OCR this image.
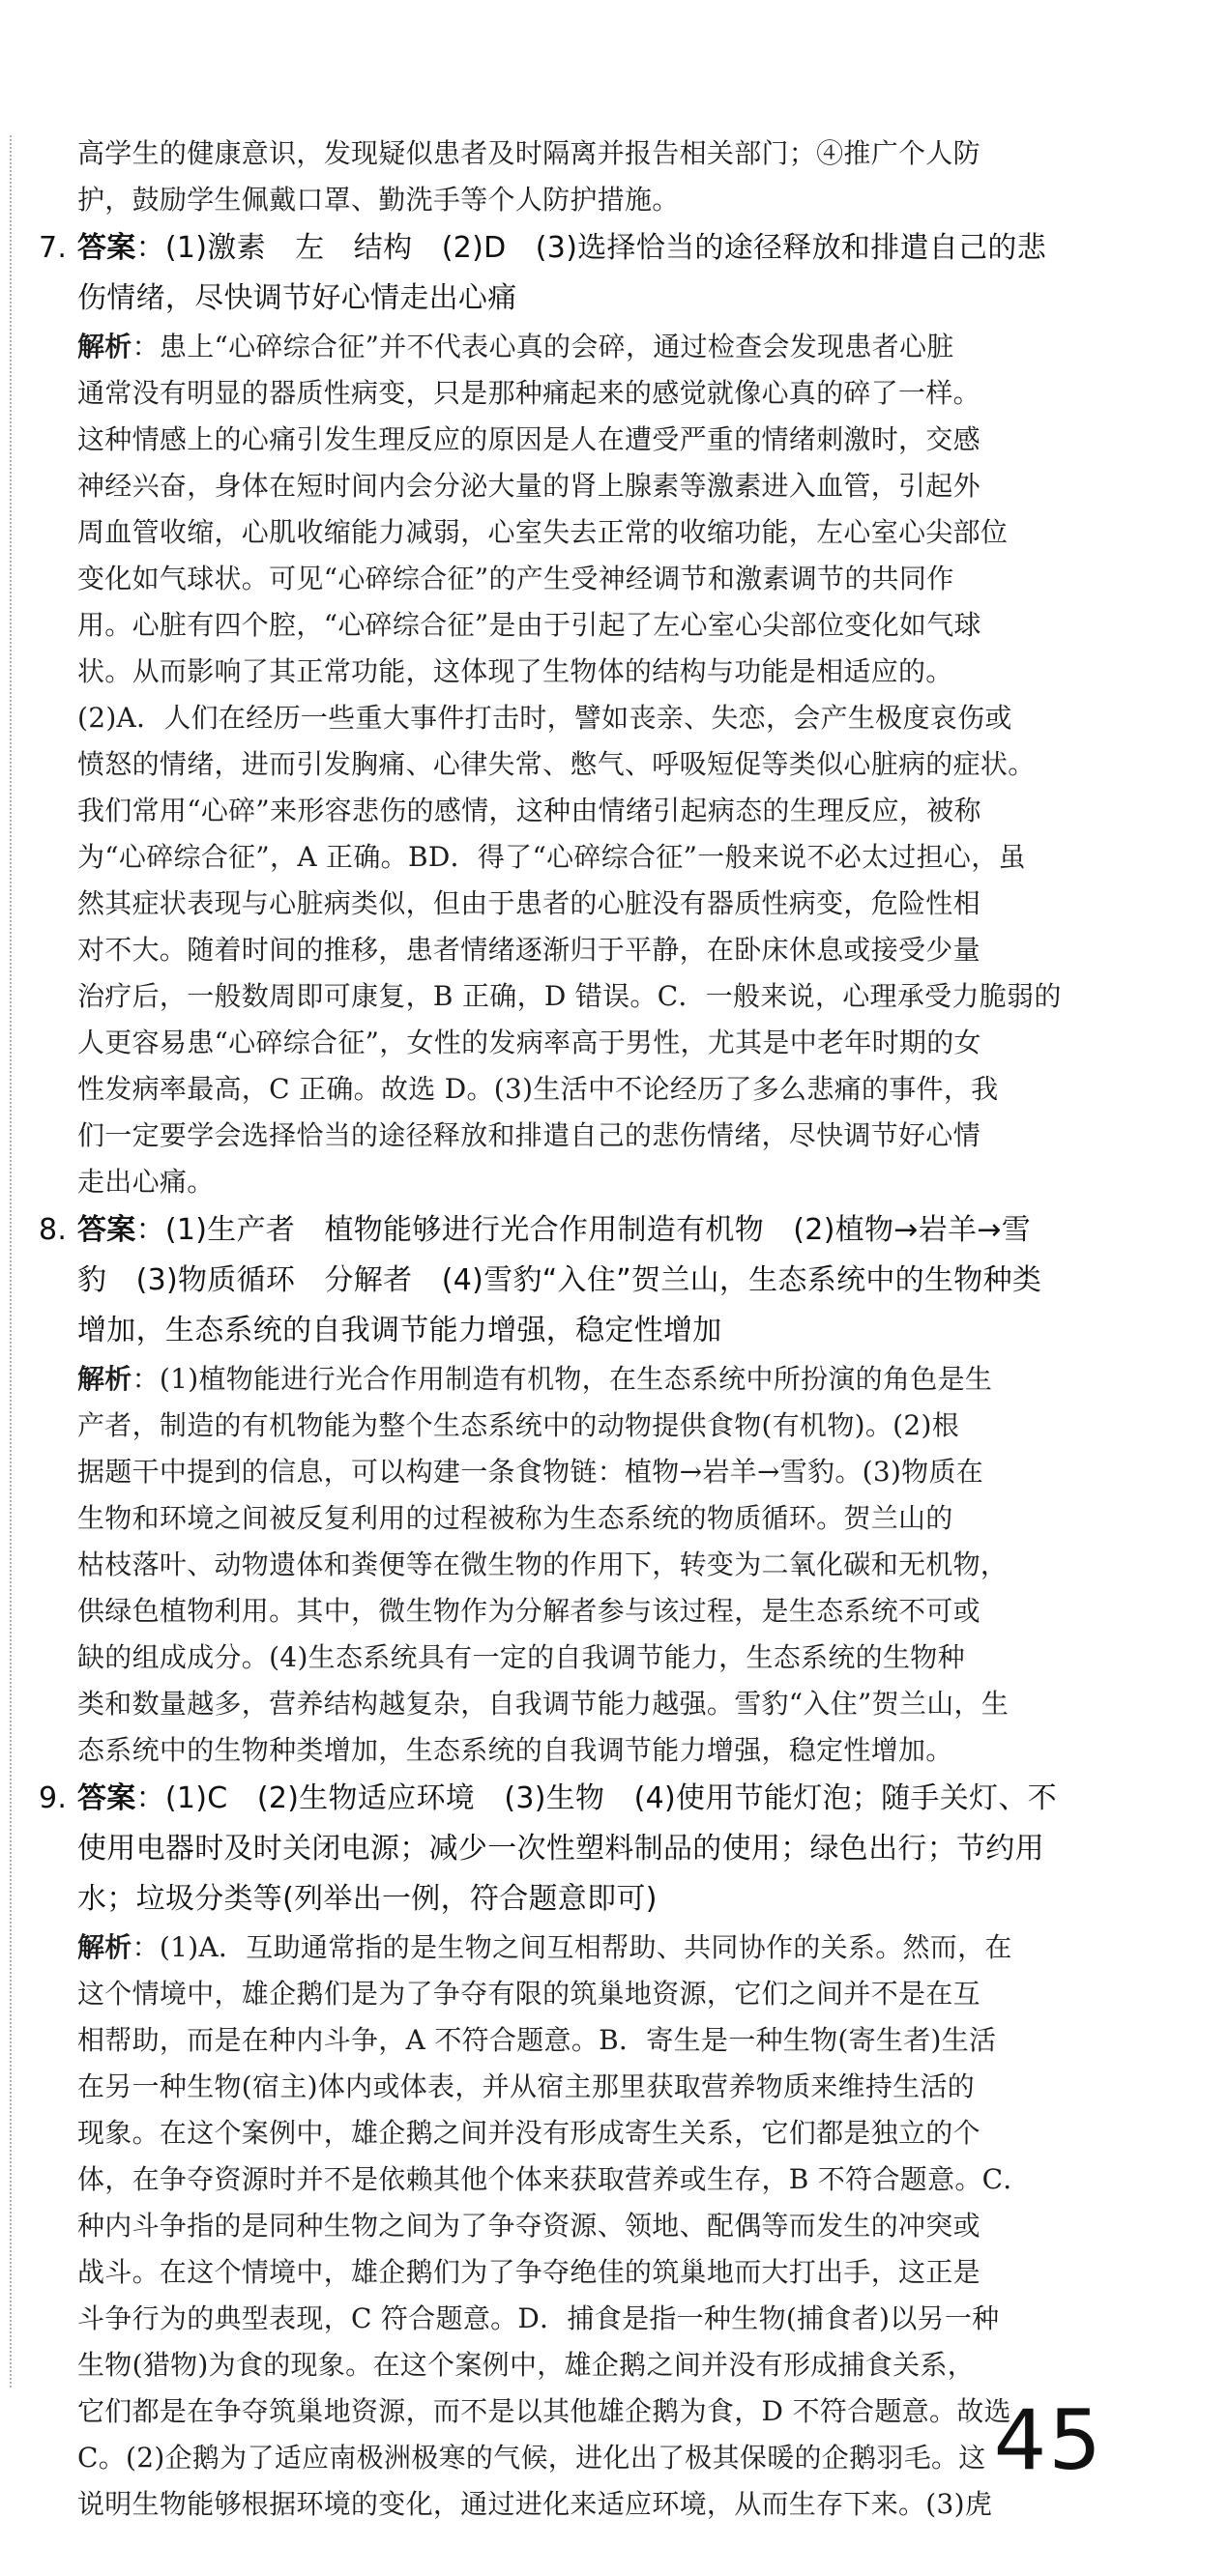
高学生的健康意识，发现疑似患者及时隔离并报告相关部门；④推广个人防
护，鼓励学生佩戴口罩、勤洗手等个人防护措施。
7. 答案：(1)激素　左　结构　(2)D　(3)选择恰当的途径释放和排遣自己的悲
伤情绪，尽快调节好心情走出心痛
解析：患上“心碎综合征”并不代表心真的会碎，通过检查会发现患者心脏
通常没有明显的器质性病变，只是那种痛起来的感觉就像心真的碎了一样。
这种情感上的心痛引发生理反应的原因是人在遭受严重的情绪刺激时，交感
神经兴奋，身体在短时间内会分泌大量的肾上腺素等激素进入血管，引起外
周血管收缩，心肌收缩能力减弱，心室失去正常的收缩功能，左心室心尖部位
变化如气球状。可见“心碎综合征”的产生受神经调节和激素调节的共同作
用。心脏有四个腔，“心碎综合征”是由于引起了左心室心尖部位变化如气球
状。从而影响了其正常功能，这体现了生物体的结构与功能是相适应的。
(2)A．人们在经历一些重大事件打击时，譬如丧亲、失恋，会产生极度哀伤或
愤怒的情绪，进而引发胸痛、心律失常、憋气、呼吸短促等类似心脏病的症状。
我们常用“心碎”来形容悲伤的感情，这种由情绪引起病态的生理反应，被称
为“心碎综合征”，A 正确。BD．得了“心碎综合征”一般来说不必太过担心，虽
然其症状表现与心脏病类似，但由于患者的心脏没有器质性病变，危险性相
对不大。随着时间的推移，患者情绪逐渐归于平静，在卧床休息或接受少量
治疗后，一般数周即可康复，B 正确，D 错误。C．一般来说，心理承受力脆弱的
人更容易患“心碎综合征”，女性的发病率高于男性，尤其是中老年时期的女
性发病率最高，C 正确。故选 D。(3)生活中不论经历了多么悲痛的事件，我
们一定要学会选择恰当的途径释放和排遣自己的悲伤情绪，尽快调节好心情
走出心痛。
8. 答案：(1)生产者　植物能够进行光合作用制造有机物　(2)植物→岩羊→雪
豹　(3)物质循环　分解者　(4)雪豹“入住”贺兰山，生态系统中的生物种类
增加，生态系统的自我调节能力增强，稳定性增加
解析：(1)植物能进行光合作用制造有机物，在生态系统中所扮演的角色是生
产者，制造的有机物能为整个生态系统中的动物提供食物(有机物)。(2)根
据题干中提到的信息，可以构建一条食物链：植物→岩羊→雪豹。(3)物质在
生物和环境之间被反复利用的过程被称为生态系统的物质循环。贺兰山的
枯枝落叶、动物遗体和粪便等在微生物的作用下，转变为二氧化碳和无机物，
供绿色植物利用。其中，微生物作为分解者参与该过程，是生态系统不可或
缺的组成成分。(4)生态系统具有一定的自我调节能力，生态系统的生物种
类和数量越多，营养结构越复杂，自我调节能力越强。雪豹“入住”贺兰山，生
态系统中的生物种类增加，生态系统的自我调节能力增强，稳定性增加。
9. 答案：(1)C　(2)生物适应环境　(3)生物　(4)使用节能灯泡；随手关灯、不
使用电器时及时关闭电源；减少一次性塑料制品的使用；绿色出行；节约用
水；垃圾分类等(列举出一例，符合题意即可)
解析：(1)A．互助通常指的是生物之间互相帮助、共同协作的关系。然而，在
这个情境中，雄企鹅们是为了争夺有限的筑巢地资源，它们之间并不是在互
相帮助，而是在种内斗争，A 不符合题意。B．寄生是一种生物(寄生者)生活
在另一种生物(宿主)体内或体表，并从宿主那里获取营养物质来维持生活的
现象。在这个案例中，雄企鹅之间并没有形成寄生关系，它们都是独立的个
体，在争夺资源时并不是依赖其他个体来获取营养或生存，B 不符合题意。C．
种内斗争指的是同种生物之间为了争夺资源、领地、配偶等而发生的冲突或
战斗。在这个情境中，雄企鹅们为了争夺绝佳的筑巢地而大打出手，这正是
斗争行为的典型表现，C 符合题意。D．捕食是指一种生物(捕食者)以另一种
生物(猎物)为食的现象。在这个案例中，雄企鹅之间并没有形成捕食关系，
它们都是在争夺筑巢地资源，而不是以其他雄企鹅为食，D 不符合题意。故选
C。(2)企鹅为了适应南极洲极寒的气候，进化出了极其保暖的企鹅羽毛。这
说明生物能够根据环境的变化，通过进化来适应环境，从而生存下来。(3)虎
45
